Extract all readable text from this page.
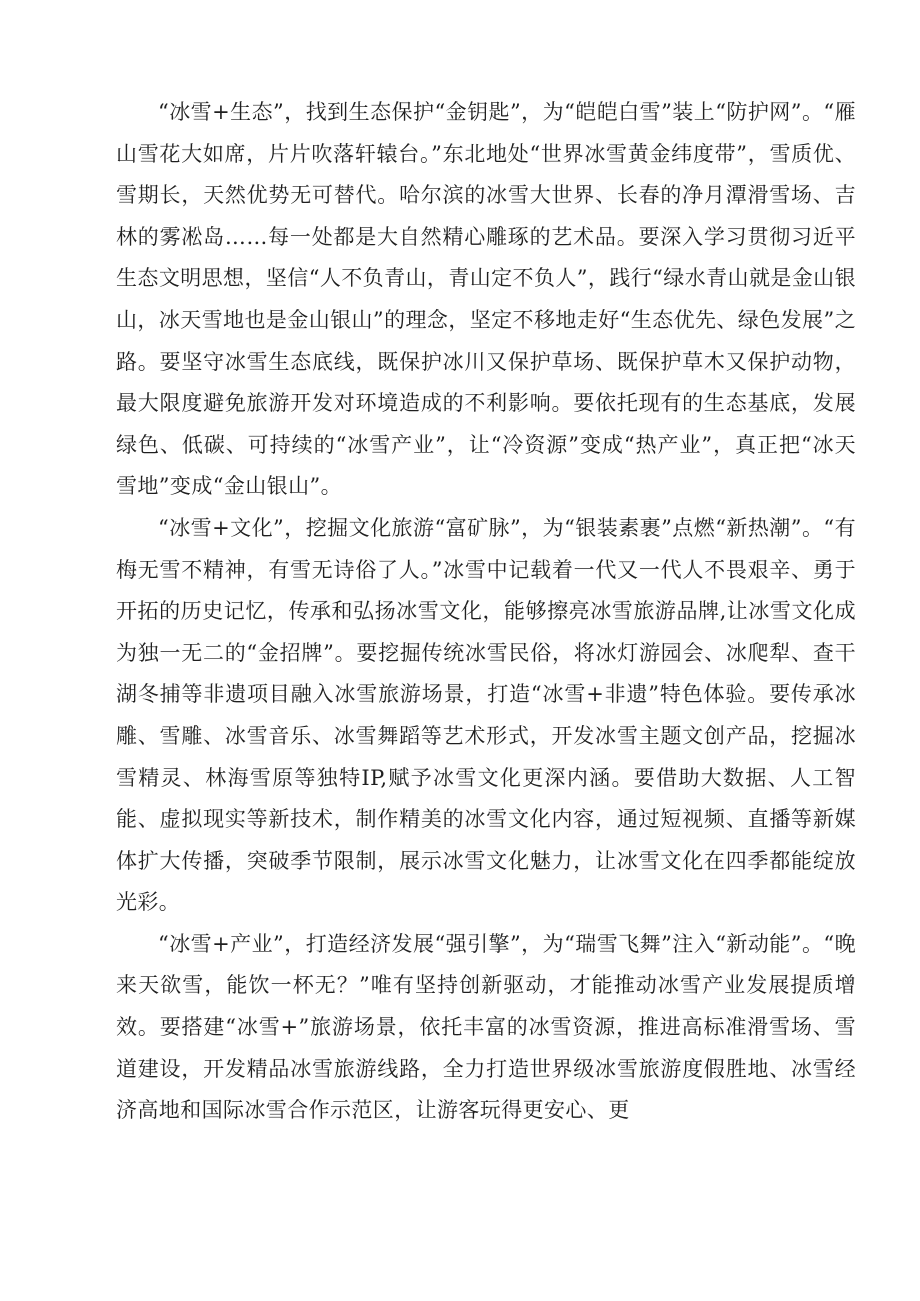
“冰雪+生态”，找到生态保护“金钥匙”，为“皑皑白雪”装上“防护网”。“雁山雪花大如席，片片吹落轩辕台。”东北地处“世界冰雪黄金纬度带”，雪质优、雪期长，天然优势无可替代。哈尔滨的冰雪大世界、长春的净月潭滑雪场、吉林的雾凇岛……每一处都是大自然精心雕琢的艺术品。要深入学习贯彻习近平生态文明思想，坚信“人不负青山，青山定不负人”，践行“绿水青山就是金山银山，冰天雪地也是金山银山”的理念，坚定不移地走好“生态优先、绿色发展”之路。要坚守冰雪生态底线，既保护冰川又保护草场、既保护草木又保护动物，最大限度避免旅游开发对环境造成的不利影响。要依托现有的生态基底，发展绿色、低碳、可持续的“冰雪产业”，让“冷资源”变成“热产业”，真正把“冰天雪地”变成“金山银山”。

“冰雪+文化”，挖掘文化旅游“富矿脉”，为“银装素裹”点燃“新热潮”。“有梅无雪不精神，有雪无诗俗了人。”冰雪中记载着一代又一代人不畏艰辛、勇于开拓的历史记忆，传承和弘扬冰雪文化，能够擦亮冰雪旅游品牌,让冰雪文化成为独一无二的“金招牌”。要挖掘传统冰雪民俗，将冰灯游园会、冰爬犁、查干湖冬捕等非遗项目融入冰雪旅游场景，打造“冰雪+非遗”特色体验。要传承冰雕、雪雕、冰雪音乐、冰雪舞蹈等艺术形式，开发冰雪主题文创产品，挖掘冰雪精灵、林海雪原等独特IP,赋予冰雪文化更深内涵。要借助大数据、人工智能、虚拟现实等新技术，制作精美的冰雪文化内容，通过短视频、直播等新媒体扩大传播，突破季节限制，展示冰雪文化魅力，让冰雪文化在四季都能绽放光彩。

“冰雪+产业”，打造经济发展“强引擎”，为“瑞雪飞舞”注入“新动能”。“晚来天欲雪，能饮一杯无？”唯有坚持创新驱动，才能推动冰雪产业发展提质增效。要搭建“冰雪+”旅游场景，依托丰富的冰雪资源，推进高标准滑雪场、雪道建设，开发精品冰雪旅游线路，全力打造世界级冰雪旅游度假胜地、冰雪经济高地和国际冰雪合作示范区，让游客玩得更安心、更
